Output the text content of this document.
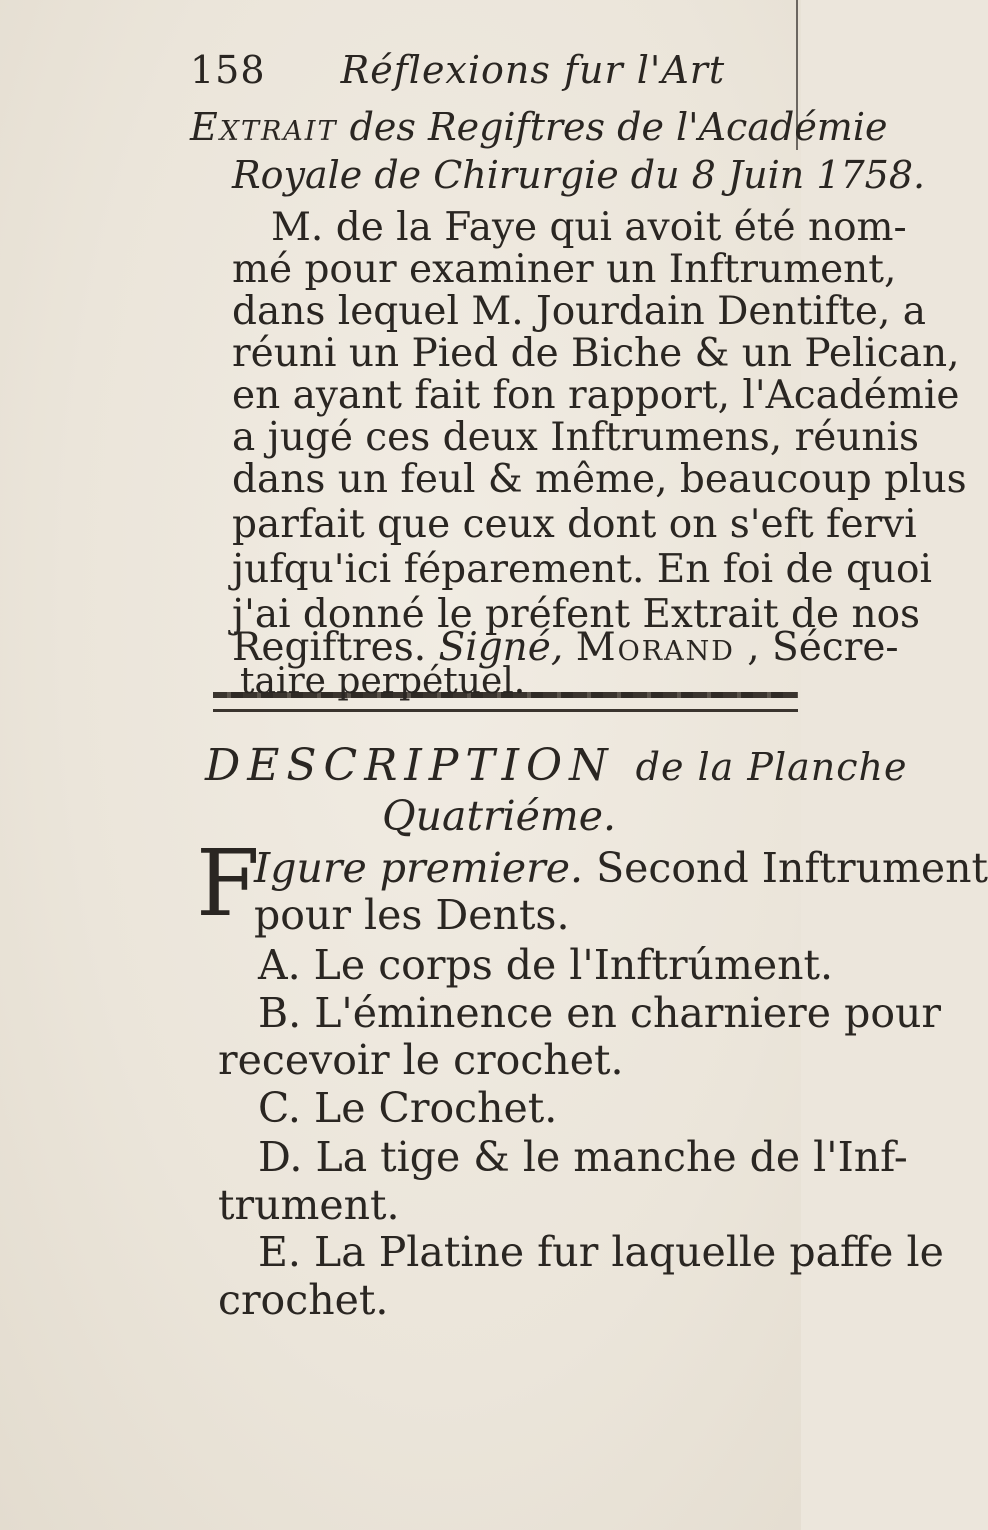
158 Réflexions fur l'Art
Extrait des Regiftres de l'Académie
Royale de Chirurgie du 8 Juin 1758.
M. de la Faye qui avoit été nom-
mé pour examiner un Inftrument,
dans lequel M. Jourdain Dentifte, a
réuni un Pied de Biche & un Pelican,
en ayant fait fon rapport, l'Académie
a jugé ces deux Inftrumens, réunis
dans un feul & même, beaucoup plus
parfait que ceux dont on s'eft fervi
jufqu'ici féparement. En foi de quoi
j'ai donné le préfent Extrait de nos
DESCRIPTION de la Planche
Quatriéme.
F
Igure premiere. Second Inftrument
pour les Dents.
A. Le corps de l'Inftrúment.
B. L'éminence en charniere pour
recevoir le crochet.
C. Le Crochet.
D. La tige & le manche de l'Inf-
trument.
E. La Platine fur laquelle paffe le
crochet.
Regiftres. Signé, Morand , Sécre-
taire perpétuel.
